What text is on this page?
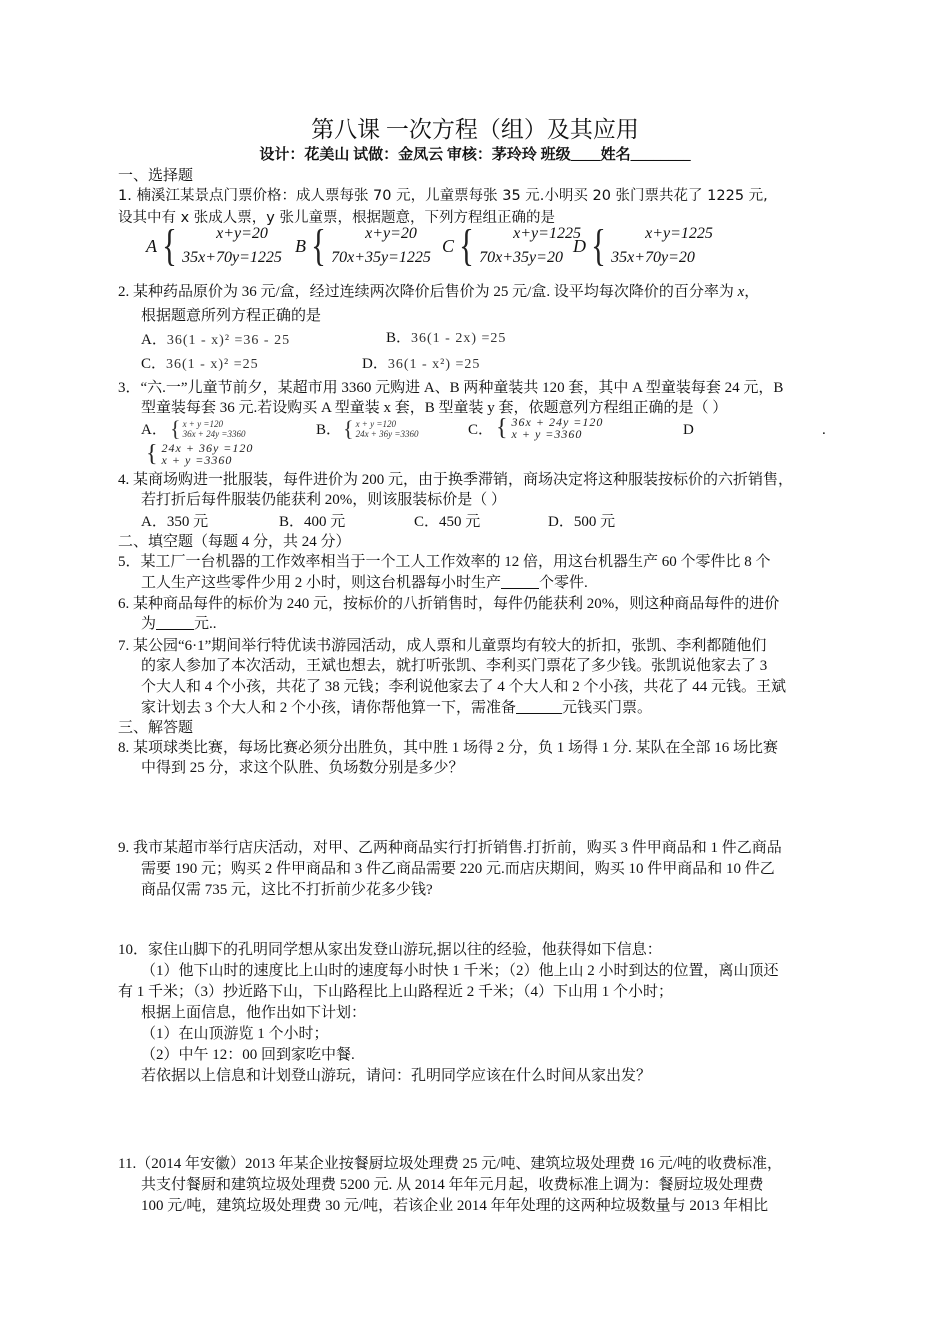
第八课 一次方程（组）及其应用
设计：花美山 试做：金凤云 审核：茅玲玲 班级____姓名________
一、选择题
1. 楠溪江某景点门票价格：成人票每张 70 元，儿童票每张 35 元.小明买 20 张门票共花了 1225 元,
设其中有 x 张成人票，y 张儿童票，根据题意，下列方程组正确的是
A {	x+y=20
35x+70y=1225
B {	x+y=20
70x+35y=1225
C {	x+y=1225
70x+35y=20
D {	x+y=1225
35x+70y=20
2. 某种药品原价为 36 元/盒，经过连续两次降价后售价为 25 元/盒. 设平均每次降价的百分率为 x，
根据题意所列方程正确的是
A．36(1 - x)² =36 - 25	B．36(1 - 2x) =25
C．36(1 - x)² =25	D．36(1 - x²) =25
3．“六.一”儿童节前夕，某超市用 3360 元购进 A、B 两种童装共 120 套，其中 A 型童装每套 24 元，B
型童装每套 36 元.若设购买 A 型童装 x 套，B 型童装 y 套，依题意列方程组正确的是（ ）
A． { x + y =120
36x + 24y =3360	B． { x + y =120
24x + 36y =3360	C． { 36x + 24y =120
x + y =3360	D	.
{ 24x + 36y =120
x + y =3360
4. 某商场购进一批服装，每件进价为 200 元，由于换季滞销，商场决定将这种服装按标价的六折销售，
若打折后每件服装仍能获利 20%，则该服装标价是（ ）
A．350 元	B．400 元	C．450 元	D．500 元
二、填空题（每题 4 分，共 24 分）
5．某工厂一台机器的工作效率相当于一个工人工作效率的 12 倍，用这台机器生产 60 个零件比 8 个
工人生产这些零件少用 2 小时，则这台机器每小时生产	个零件.
6. 某种商品每件的标价为 240 元，按标价的八折销售时，每件仍能获利 20%，则这种商品每件的进价
为	元..
7. 某公园“6·1”期间举行特优读书游园活动，成人票和儿童票均有较大的折扣，张凯、李利都随他们
的家人参加了本次活动，王斌也想去，就打听张凯、李利买门票花了多少钱。张凯说他家去了 3
个大人和 4 个小孩，共花了 38 元钱；李利说他家去了 4 个大人和 2 个小孩，共花了 44 元钱。王斌
家计划去 3 个大人和 2 个小孩，请你帮他算一下，需准备	元钱买门票。
三、解答题
8. 某项球类比赛，每场比赛必须分出胜负，其中胜 1 场得 2 分，负 1 场得 1 分. 某队在全部 16 场比赛
中得到 25 分，求这个队胜、负场数分别是多少？
9. 我市某超市举行店庆活动，对甲、乙两种商品实行打折销售.打折前，购买 3 件甲商品和 1 件乙商品
需要 190 元；购买 2 件甲商品和 3 件乙商品需要 220 元.而店庆期间，购买 10 件甲商品和 10 件乙
商品仅需 735 元，这比不打折前少花多少钱?
10．家住山脚下的孔明同学想从家出发登山游玩,据以往的经验，他获得如下信息：
（1）他下山时的速度比上山时的速度每小时快 1 千米；（2）他上山 2 小时到达的位置，离山顶还
有 1 千米；（3）抄近路下山，下山路程比上山路程近 2 千米；（4）下山用 1 个小时；
根据上面信息，他作出如下计划：
（1）在山顶游览 1 个小时；
（2）中午 12：00 回到家吃中餐.
若依据以上信息和计划登山游玩，请问：孔明同学应该在什么时间从家出发？
11.（2014 年安徽）2013 年某企业按餐厨垃圾处理费 25 元/吨、建筑垃圾处理费 16 元/吨的收费标准，
共支付餐厨和建筑垃圾处理费 5200 元. 从 2014 年年元月起，收费标准上调为：餐厨垃圾处理费
100 元/吨，建筑垃圾处理费 30 元/吨，若该企业 2014 年年处理的这两种垃圾数量与 2013 年相比
